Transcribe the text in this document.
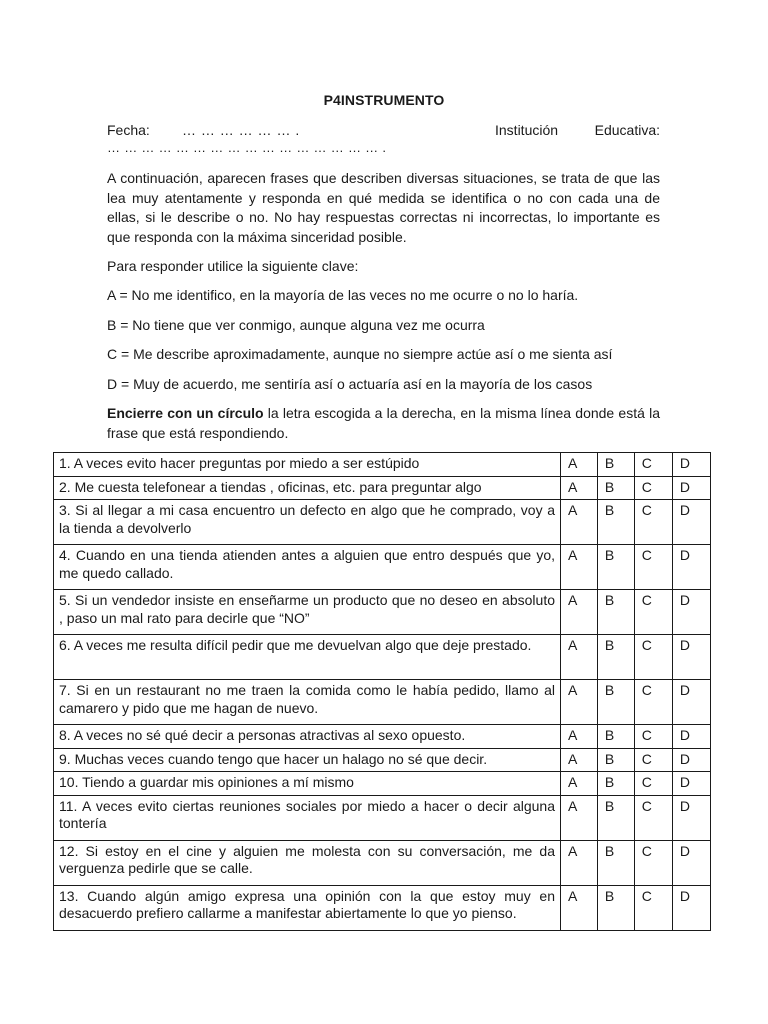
P4INSTRUMENTO
Fecha: … … … … … … .	Institución	Educativa:
… … … … … … … … … … … … … … … … .

A continuación, aparecen frases que describen diversas situaciones, se trata de que las lea muy atentamente y responda en qué medida se identifica o no con cada una de ellas, si le describe o no. No hay respuestas correctas ni incorrectas, lo importante es que responda con la máxima sinceridad posible.

Para responder utilice la siguiente clave:

A = No me identifico, en la mayoría de las veces no me ocurre o no lo haría.

B = No tiene que ver conmigo, aunque alguna vez me ocurra

C = Me describe aproximadamente, aunque no siempre actúe así o me sienta así

D = Muy de acuerdo, me sentiría así o actuaría así en la mayoría de los casos

Encierre con un círculo la letra escogida a la derecha, en la misma línea donde está la frase que está respondiendo.

1. A veces evito hacer preguntas por miedo a ser estúpido	A	B	C	D
2. Me cuesta telefonear a tiendas , oficinas, etc. para preguntar algo	A	B	C	D
3. Si al llegar a mi casa encuentro un defecto en algo que he comprado, voy a la tienda a devolverlo	A	B	C	D
4. Cuando en una tienda atienden antes a alguien que entro después que yo, me quedo callado.	A	B	C	D
5. Si un vendedor insiste en enseñarme un producto que no deseo en absoluto , paso un mal rato para decirle que “NO”	A	B	C	D
6. A veces me resulta difícil pedir que me devuelvan algo que deje prestado.	A	B	C	D
7. Si en un restaurant no me traen la comida como le había pedido, llamo al camarero y pido que me hagan de nuevo.	A	B	C	D
8. A veces no sé qué decir a personas atractivas al sexo opuesto.	A	B	C	D
9. Muchas veces cuando tengo que hacer un halago no sé que decir.	A	B	C	D
10. Tiendo a guardar mis opiniones a mí mismo	A	B	C	D
11. A veces evito ciertas reuniones sociales por miedo a hacer o decir alguna tontería	A	B	C	D
12. Si estoy en el cine y alguien me molesta con su conversación, me da verguenza pedirle que se calle.	A	B	C	D
13. Cuando algún amigo expresa una opinión con la que estoy muy en desacuerdo prefiero callarme a manifestar abiertamente lo que yo pienso.	A	B	C	D
